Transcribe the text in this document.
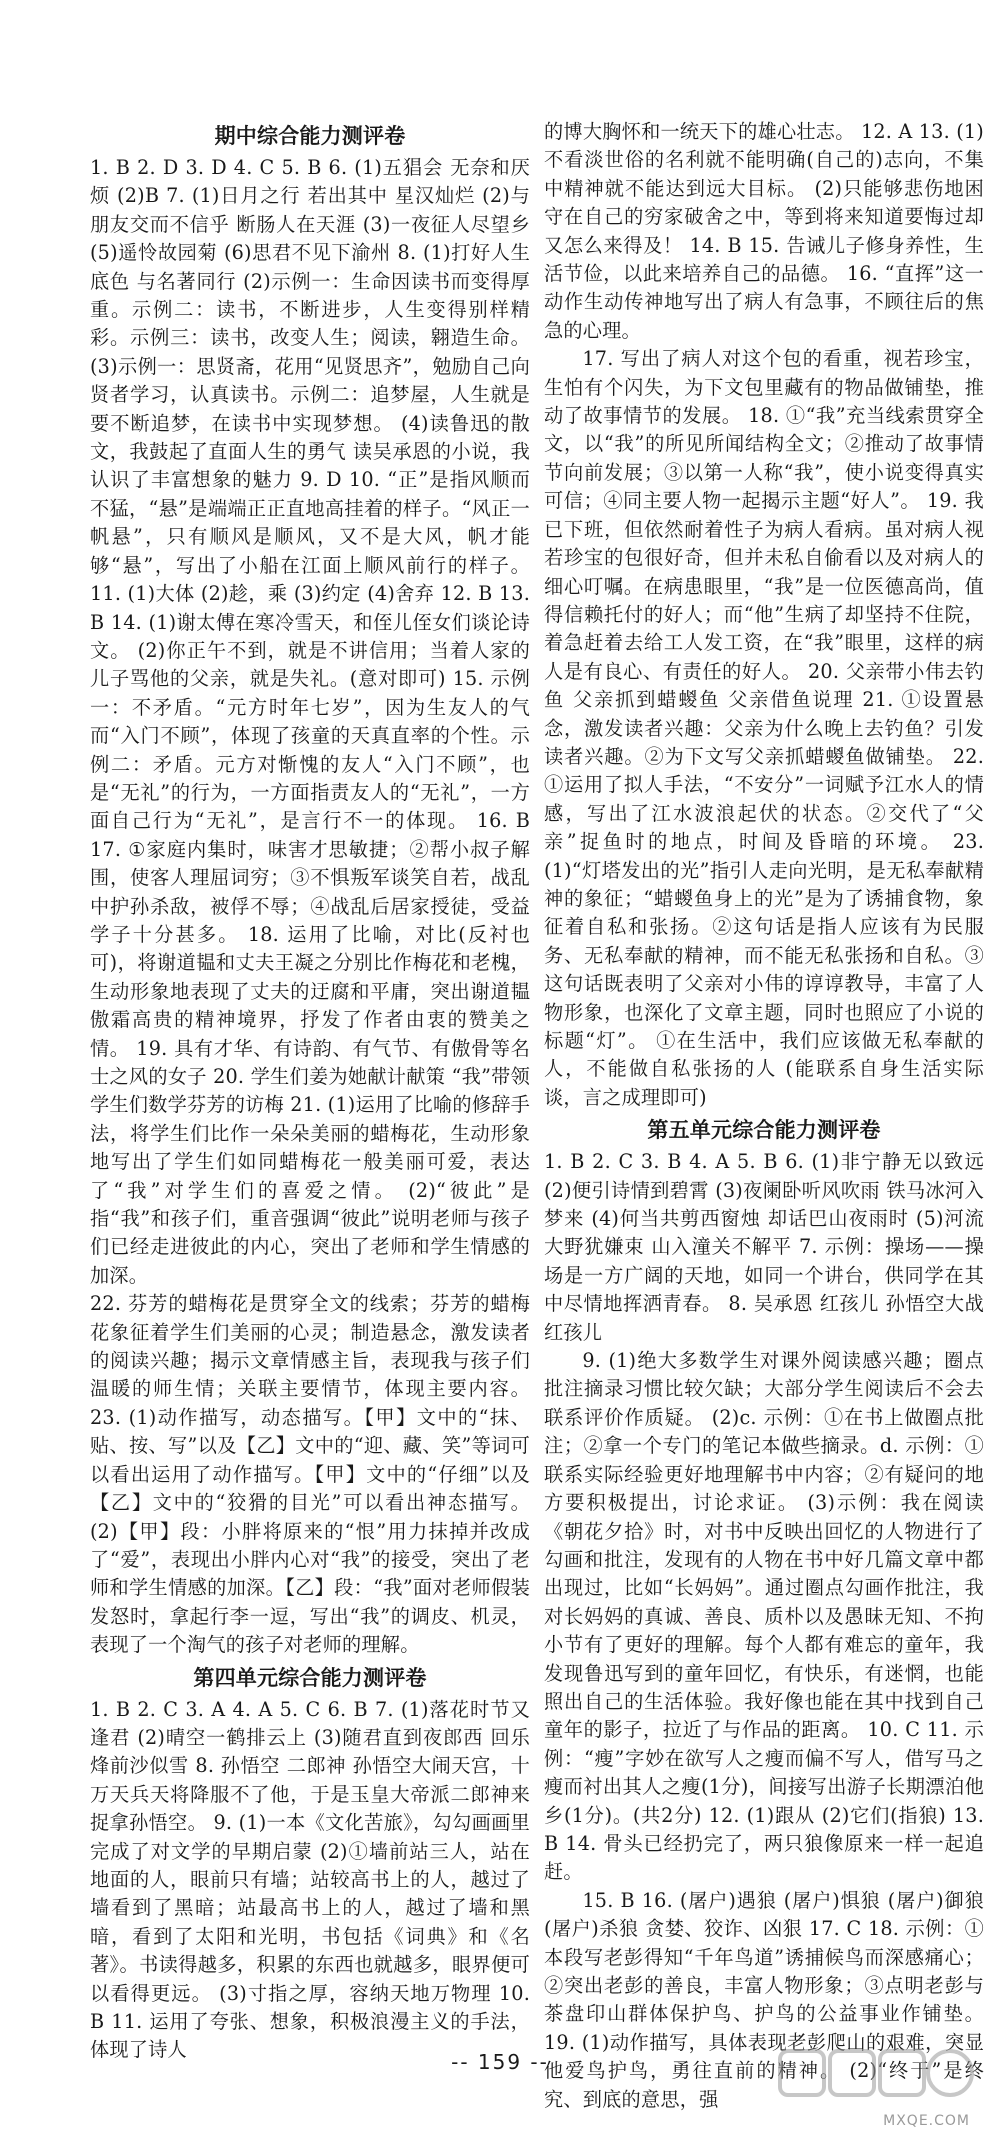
期中综合能力测评卷

1. B 2. D 3. D 4. C 5. B 6. (1)五猖会 无奈和厌烦 (2)B 7. (1)日月之行 若出其中 星汉灿烂 (2)与朋友交而不信乎 断肠人在天涯 (3)一夜征人尽望乡 (5)遥怜故园菊 (6)思君不见下渝州 8. (1)打好人生底色 与名著同行 (2)示例一：生命因读书而变得厚重。示例二：读书，不断进步，人生变得别样精彩。示例三：读书，改变人生；阅读，翱造生命。 (3)示例一：思贤斋，花用“见贤思齐”，勉励自己向贤者学习，认真读书。示例二：追梦屋，人生就是要不断追梦，在读书中实现梦想。 (4)读鲁迅的散文，我鼓起了直面人生的勇气 读吴承恩的小说，我认识了丰富想象的魅力 9. D 10. “正”是指风顺而不猛，“悬”是端端正正直地高挂着的样子。“风正一帆悬”，只有顺风是顺风，又不是大风，帆才能够“悬”，写出了小船在江面上顺风前行的样子。 11. (1)大体 (2)趁，乘 (3)约定 (4)舍弃 12. B 13. B 14. (1)谢太傅在寒冷雪天，和侄儿侄女们谈论诗文。 (2)你正午不到，就是不讲信用；当着人家的儿子骂他的父亲，就是失礼。(意对即可) 15. 示例一：不矛盾。“元方时年七岁”，因为生友人的气而“入门不顾”，体现了孩童的天真直率的个性。示例二：矛盾。元方对惭愧的友人“入门不顾”，也是“无礼”的行为，一方面指责友人的“无礼”，一方面自己行为“无礼”，是言行不一的体现。 16. B 17. ①家庭内集时，味害才思敏捷；②帮小叔子解围，使客人理屈词穷；③不惧叛军谈笑自若，战乱中护孙杀敌，被俘不辱；④战乱后居家授徒，受益学子十分甚多。 18. 运用了比喻，对比(反衬也可)，将谢道韫和丈夫王凝之分别比作梅花和老槐，生动形象地表现了丈夫的迂腐和平庸，突出谢道韫傲霜高贵的精神境界，抒发了作者由衷的赞美之情。 19. 具有才华、有诗韵、有气节、有傲骨等名士之风的女子 20. 学生们姜为她献计献策 “我”带领学生们数学芬芳的访梅 21. (1)运用了比喻的修辞手法，将学生们比作一朵朵美丽的蜡梅花，生动形象地写出了学生们如同蜡梅花一般美丽可爱，表达了“我”对学生们的喜爱之情。 (2)“彼此”是指“我”和孩子们，重音强调“彼此”说明老师与孩子们已经走进彼此的内心，突出了老师和学生情感的加深。

22. 芬芳的蜡梅花是贯穿全文的线索；芬芳的蜡梅花象征着学生们美丽的心灵；制造悬念，激发读者的阅读兴趣；揭示文章情感主旨，表现我与孩子们温暖的师生情；关联主要情节，体现主要内容。 23. (1)动作描写，动态描写。【甲】文中的“抹、贴、按、写”以及【乙】文中的“迎、藏、笑”等词可以看出运用了动作描写。【甲】文中的“仔细”以及【乙】文中的“狡猾的目光”可以看出神态描写。 (2)【甲】段：小胖将原来的“恨”用力抹掉并改成了“爱”，表现出小胖内心对“我”的接受，突出了老师和学生情感的加深。【乙】段：“我”面对老师假装发怒时，拿起行李一逗，写出“我”的调皮、机灵，表现了一个淘气的孩子对老师的理解。

第四单元综合能力测评卷

1. B 2. C 3. A 4. A 5. C 6. B 7. (1)落花时节又逢君 (2)晴空一鹤排云上 (3)随君直到夜郎西 回乐烽前沙似雪 8. 孙悟空 二郎神 孙悟空大闹天宫，十万天兵天将降服不了他，于是玉皇大帝派二郎神来捉拿孙悟空。 9. (1)一本《文化苦旅》，勾勾画画里完成了对文学的早期启蒙 (2)①墙前站三人，站在地面的人，眼前只有墙；站较高书上的人，越过了墙看到了黑暗；站最高书上的人，越过了墙和黑暗，看到了太阳和光明，书包括《词典》和《名著》。书读得越多，积累的东西也就越多，眼界便可以看得更远。 (3)寸指之厚，容纳天地万物理 10. B 11. 运用了夸张、想象，积极浪漫主义的手法，体现了诗人

的博大胸怀和一统天下的雄心壮志。 12. A 13. (1)不看淡世俗的名利就不能明确(自己的)志向，不集中精神就不能达到远大目标。 (2)只能够悲伤地困守在自己的穷家破舍之中，等到将来知道要悔过却又怎么来得及！ 14. B 15. 告诫儿子修身养性，生活节俭，以此来培养自己的品德。 16. “直挥”这一动作生动传神地写出了病人有急事，不顾往后的焦急的心理。

17. 写出了病人对这个包的看重，视若珍宝，生怕有个闪失，为下文包里藏有的物品做铺垫，推动了故事情节的发展。 18. ①“我”充当线索贯穿全文，以“我”的所见所闻结构全文；②推动了故事情节向前发展；③以第一人称“我”，使小说变得真实可信；④同主要人物一起揭示主题“好人”。 19. 我已下班，但依然耐着性子为病人看病。虽对病人视若珍宝的包很好奇，但并未私自偷看以及对病人的细心叮嘱。在病患眼里，“我”是一位医德高尚，值得信赖托付的好人；而“他”生病了却坚持不住院，着急赶着去给工人发工资，在“我”眼里，这样的病人是有良心、有责任的好人。 20. 父亲带小伟去钓鱼 父亲抓到蜡蝬鱼 父亲借鱼说理 21. ①设置悬念，激发读者兴趣：父亲为什么晚上去钓鱼？引发读者兴趣。②为下文写父亲抓蜡蝬鱼做铺垫。 22. ①运用了拟人手法，“不安分”一词赋予江水人的情感，写出了江水波浪起伏的状态。②交代了“父亲”捉鱼时的地点，时间及昏暗的环境。 23. (1)“灯塔发出的光”指引人走向光明，是无私奉献精神的象征；“蜡蝬鱼身上的光”是为了诱捕食物，象征着自私和张扬。②这句话是指人应该有为民服务、无私奉献的精神，而不能无私张扬和自私。③这句话既表明了父亲对小伟的谆谆教导，丰富了人物形象，也深化了文章主题，同时也照应了小说的标题“灯”。 ①在生活中，我们应该做无私奉献的人，不能做自私张扬的人 (能联系自身生活实际谈，言之成理即可)

第五单元综合能力测评卷

1. B 2. C 3. B 4. A 5. B 6. (1)非宁静无以致远 (2)便引诗情到碧霄 (3)夜阑卧听风吹雨 铁马冰河入梦来 (4)何当共剪西窗烛 却话巴山夜雨时 (5)河流大野犹嫌束 山入潼关不解平 7. 示例：操场——操场是一方广阔的天地，如同一个讲台，供同学在其中尽情地挥洒青春。 8. 吴承恩 红孩儿 孙悟空大战红孩儿

9. (1)绝大多数学生对课外阅读感兴趣；圈点批注摘录习惯比较欠缺；大部分学生阅读后不会去联系评价作质疑。 (2)c. 示例：①在书上做圈点批注；②拿一个专门的笔记本做些摘录。d. 示例：①联系实际经验更好地理解书中内容；②有疑问的地方要积极提出，讨论求证。 (3)示例：我在阅读《朝花夕拾》时，对书中反映出回忆的人物进行了勾画和批注，发现有的人物在书中好几篇文章中都出现过，比如“长妈妈”。通过圈点勾画作批注，我对长妈妈的真诚、善良、质朴以及愚昧无知、不拘小节有了更好的理解。每个人都有难忘的童年，我发现鲁迅写到的童年回忆，有快乐，有迷惘，也能照出自己的生活体验。我好像也能在其中找到自己童年的影子，拉近了与作品的距离。 10. C 11. 示例：“瘦”字妙在欲写人之瘦而偏不写人，借写马之瘦而衬出其人之瘦(1分)，间接写出游子长期漂泊他乡(1分)。(共2分) 12. (1)跟从 (2)它们(指狼) 13. B 14. 骨头已经扔完了，两只狼像原来一样一起追赶。

15. B 16. (屠户)遇狼 (屠户)惧狼 (屠户)御狼 (屠户)杀狼 贪婪、狡诈、凶狠 17. C 18. 示例：①本段写老彭得知“千年鸟道”诱捕候鸟而深感痛心；②突出老彭的善良，丰富人物形象；③点明老彭与茶盘印山群体保护鸟、护鸟的公益事业作铺垫。 19. (1)动作描写，具体表现老彭爬山的艰难，突显他爱鸟护鸟，勇往直前的精神。 (2)“终于”是终究、到底的意思，强

-- 159 --
MXQE.COM
